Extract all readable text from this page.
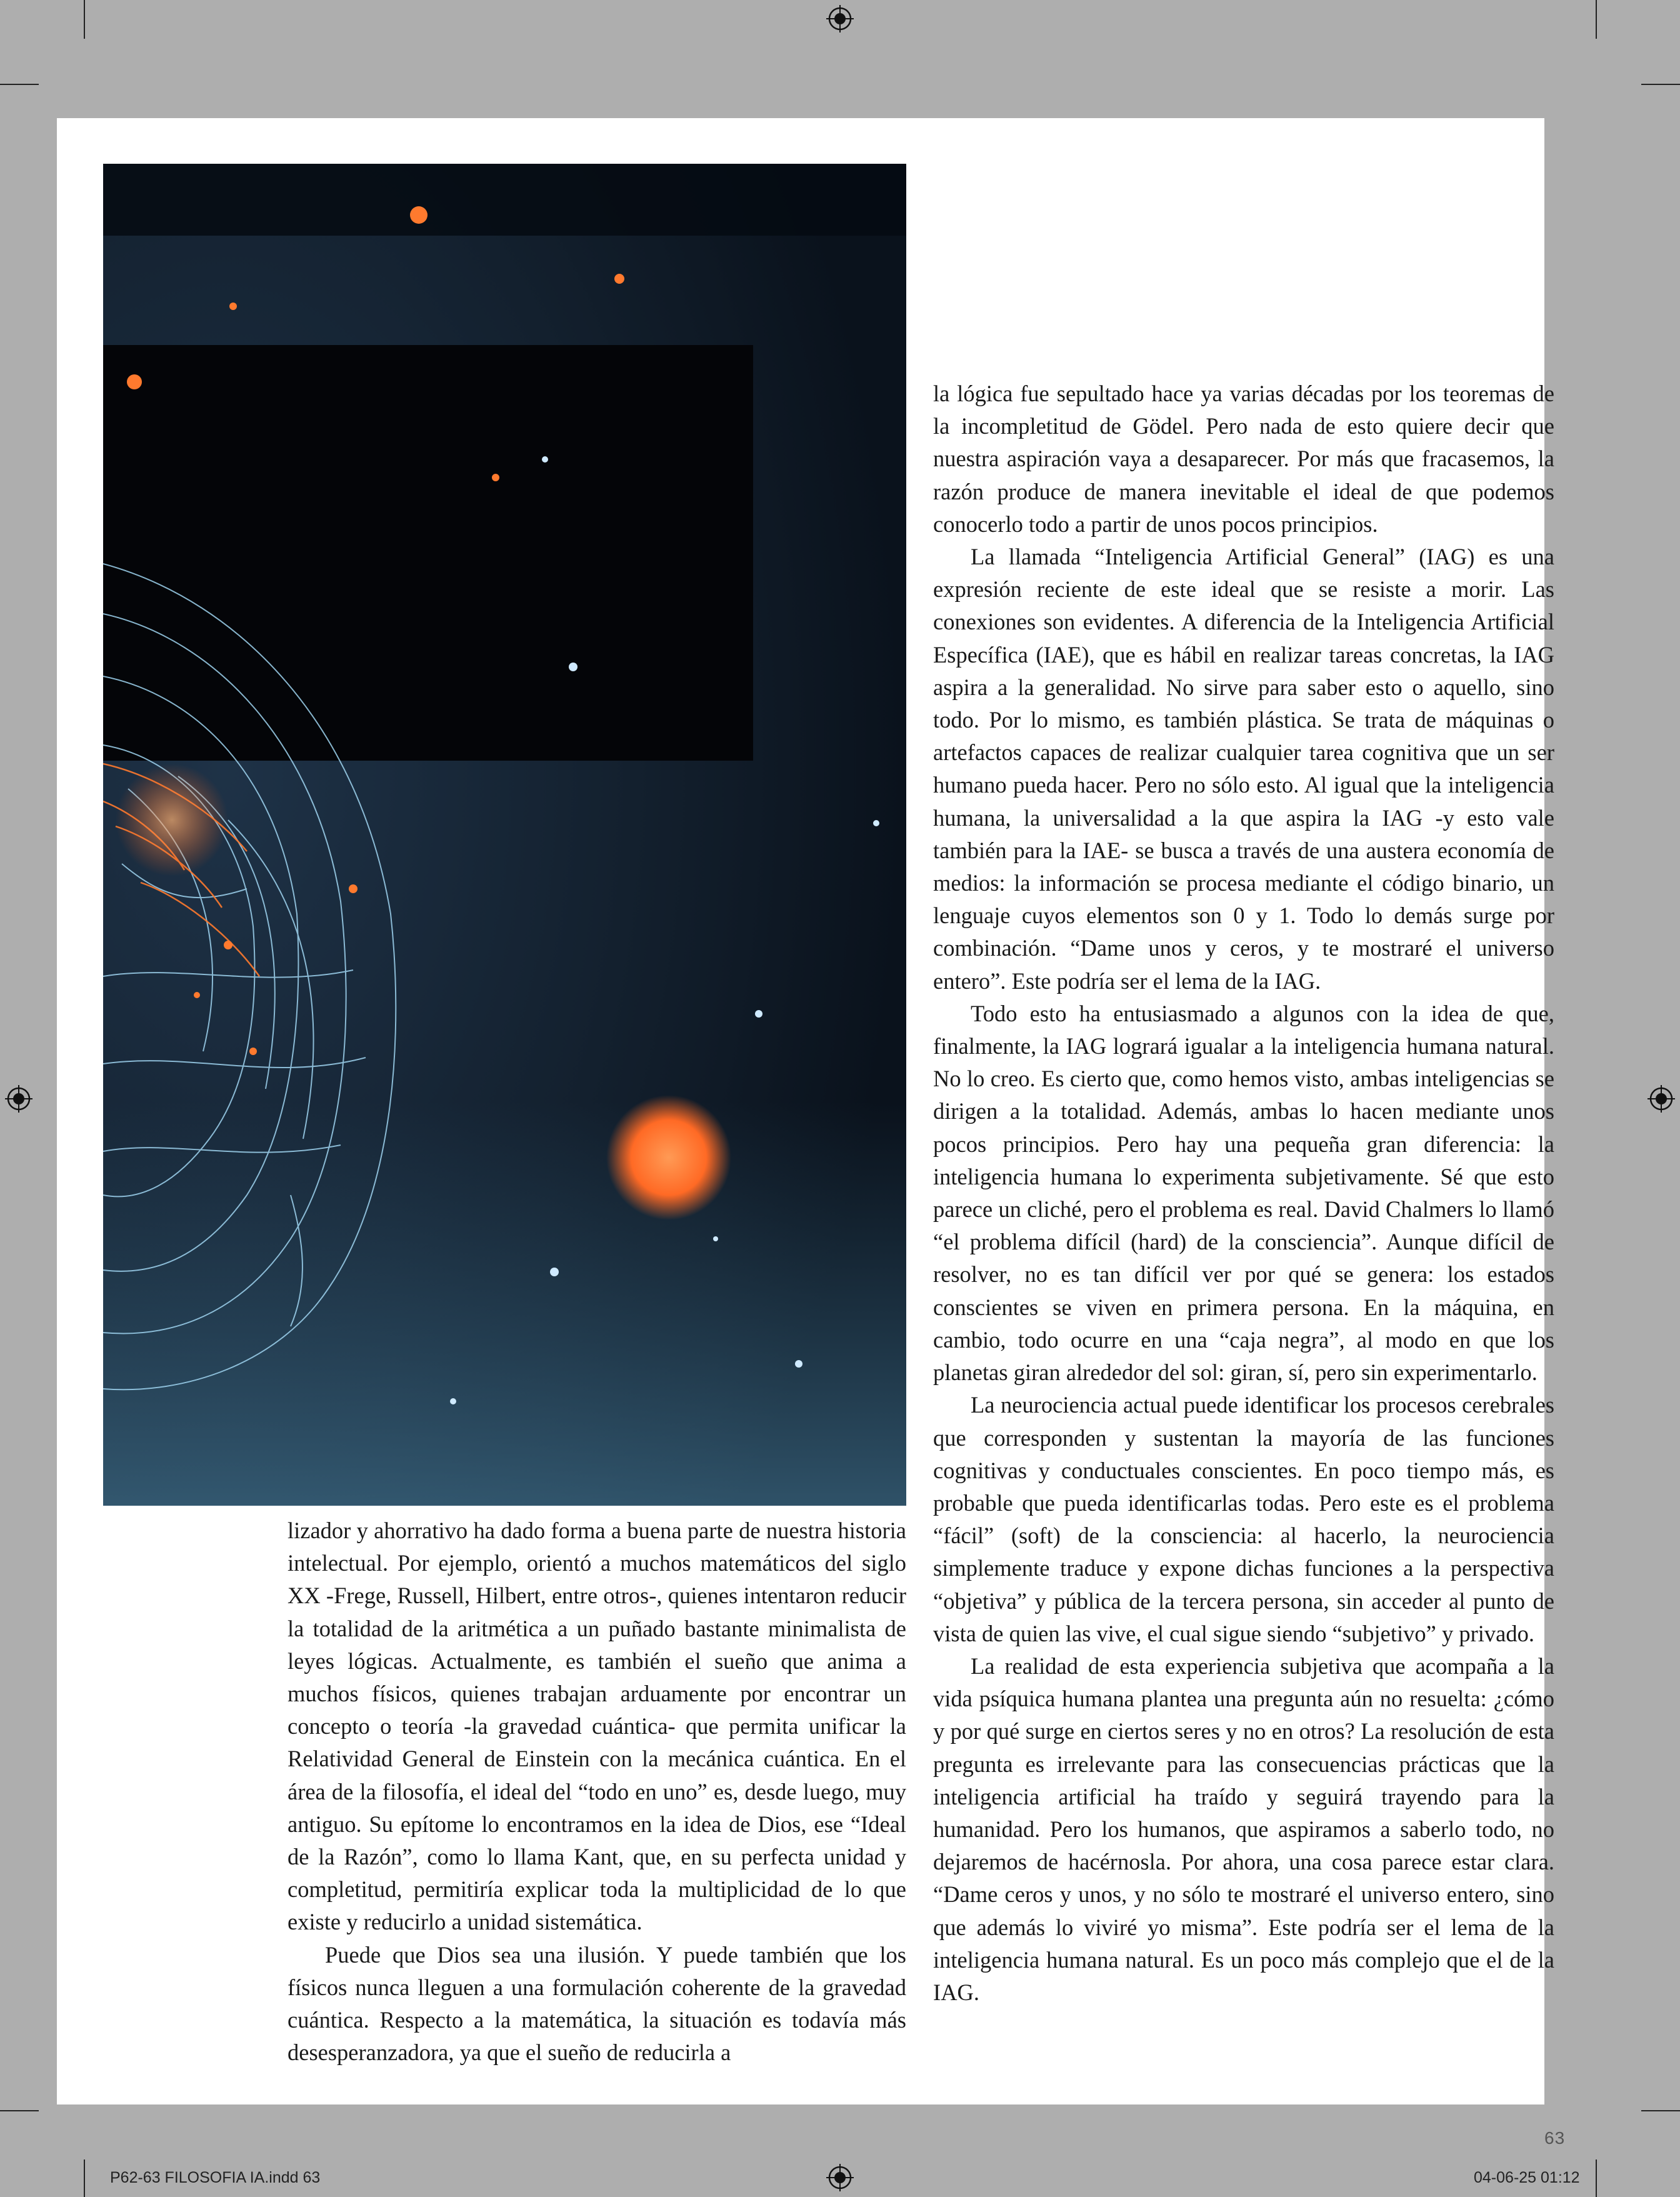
lizador y ahorrativo ha dado forma a buena parte de nuestra historia intelectual. Por ejemplo, orientó a muchos matemáticos del siglo XX -Frege, Russell, Hilbert, entre otros-, quienes intentaron reducir la totalidad de la aritmética a un puñado bastante minimalista de leyes lógicas. Actualmente, es también el sueño que anima a muchos físicos, quienes trabajan arduamente por encontrar un concepto o teoría -la gravedad cuántica- que permita unificar la Relatividad General de Einstein con la mecánica cuántica. En el área de la filosofía, el ideal del “todo en uno” es, desde luego, muy antiguo. Su epítome lo encontramos en la idea de Dios, ese “Ideal de la Razón”, como lo llama Kant, que, en su perfecta unidad y completitud, permitiría explicar toda la multiplicidad de lo que existe y reducirlo a unidad sistemática.

Puede que Dios sea una ilusión. Y puede también que los físicos nunca lleguen a una formulación coherente de la gravedad cuántica. Respecto a la matemática, la situación es todavía más desesperanzadora, ya que el sueño de reducirla a

la lógica fue sepultado hace ya varias décadas por los teoremas de la incompletitud de Gödel. Pero nada de esto quiere decir que nuestra aspiración vaya a desaparecer. Por más que fracasemos, la razón produce de manera inevitable el ideal de que podemos conocerlo todo a partir de unos pocos principios.

La llamada “Inteligencia Artificial General” (IAG) es una expresión reciente de este ideal que se resiste a morir. Las conexiones son evidentes. A diferencia de la Inteligencia Artificial Específica (IAE), que es hábil en realizar tareas concretas, la IAG aspira a la generalidad. No sirve para saber esto o aquello, sino todo. Por lo mismo, es también plástica. Se trata de máquinas o artefactos capaces de realizar cualquier tarea cognitiva que un ser humano pueda hacer. Pero no sólo esto. Al igual que la inteligencia humana, la universalidad a la que aspira la IAG -y esto vale también para la IAE- se busca a través de una austera economía de medios: la información se procesa mediante el código binario, un lenguaje cuyos elementos son 0 y 1. Todo lo demás surge por combinación. “Dame unos y ceros, y te mostraré el universo entero”. Este podría ser el lema de la IAG.

Todo esto ha entusiasmado a algunos con la idea de que, finalmente, la IAG logrará igualar a la inteligencia humana natural. No lo creo. Es cierto que, como hemos visto, ambas inteligencias se dirigen a la totalidad. Además, ambas lo hacen mediante unos pocos principios. Pero hay una pequeña gran diferencia: la inteligencia humana lo experimenta subjetivamente. Sé que esto parece un cliché, pero el problema es real. David Chalmers lo llamó “el problema difícil (hard) de la consciencia”. Aunque difícil de resolver, no es tan difícil ver por qué se genera: los estados conscientes se viven en primera persona. En la máquina, en cambio, todo ocurre en una “caja negra”, al modo en que los planetas giran alrededor del sol: giran, sí, pero sin experimentarlo.

La neurociencia actual puede identificar los procesos cerebrales que corresponden y sustentan la mayoría de las funciones cognitivas y conductuales conscientes. En poco tiempo más, es probable que pueda identificarlas todas. Pero este es el problema “fácil” (soft) de la consciencia: al hacerlo, la neurociencia simplemente traduce y expone dichas funciones a la perspectiva “objetiva” y pública de la tercera persona, sin acceder al punto de vista de quien las vive, el cual sigue siendo “subjetivo” y privado.

La realidad de esta experiencia subjetiva que acompaña a la vida psíquica humana plantea una pregunta aún no resuelta: ¿cómo y por qué surge en ciertos seres y no en otros? La resolución de esta pregunta es irrelevante para las consecuencias prácticas que la inteligencia artificial ha traído y seguirá trayendo para la humanidad. Pero los humanos, que aspiramos a saberlo todo, no dejaremos de hacérnosla. Por ahora, una cosa parece estar clara. “Dame ceros y unos, y no sólo te mostraré el universo entero, sino que además lo viviré yo misma”. Este podría ser el lema de la inteligencia humana natural. Es un poco más complejo que el de la IAG.

63
P62-63 FILOSOFIA IA.indd 63	04-06-25 01:12
